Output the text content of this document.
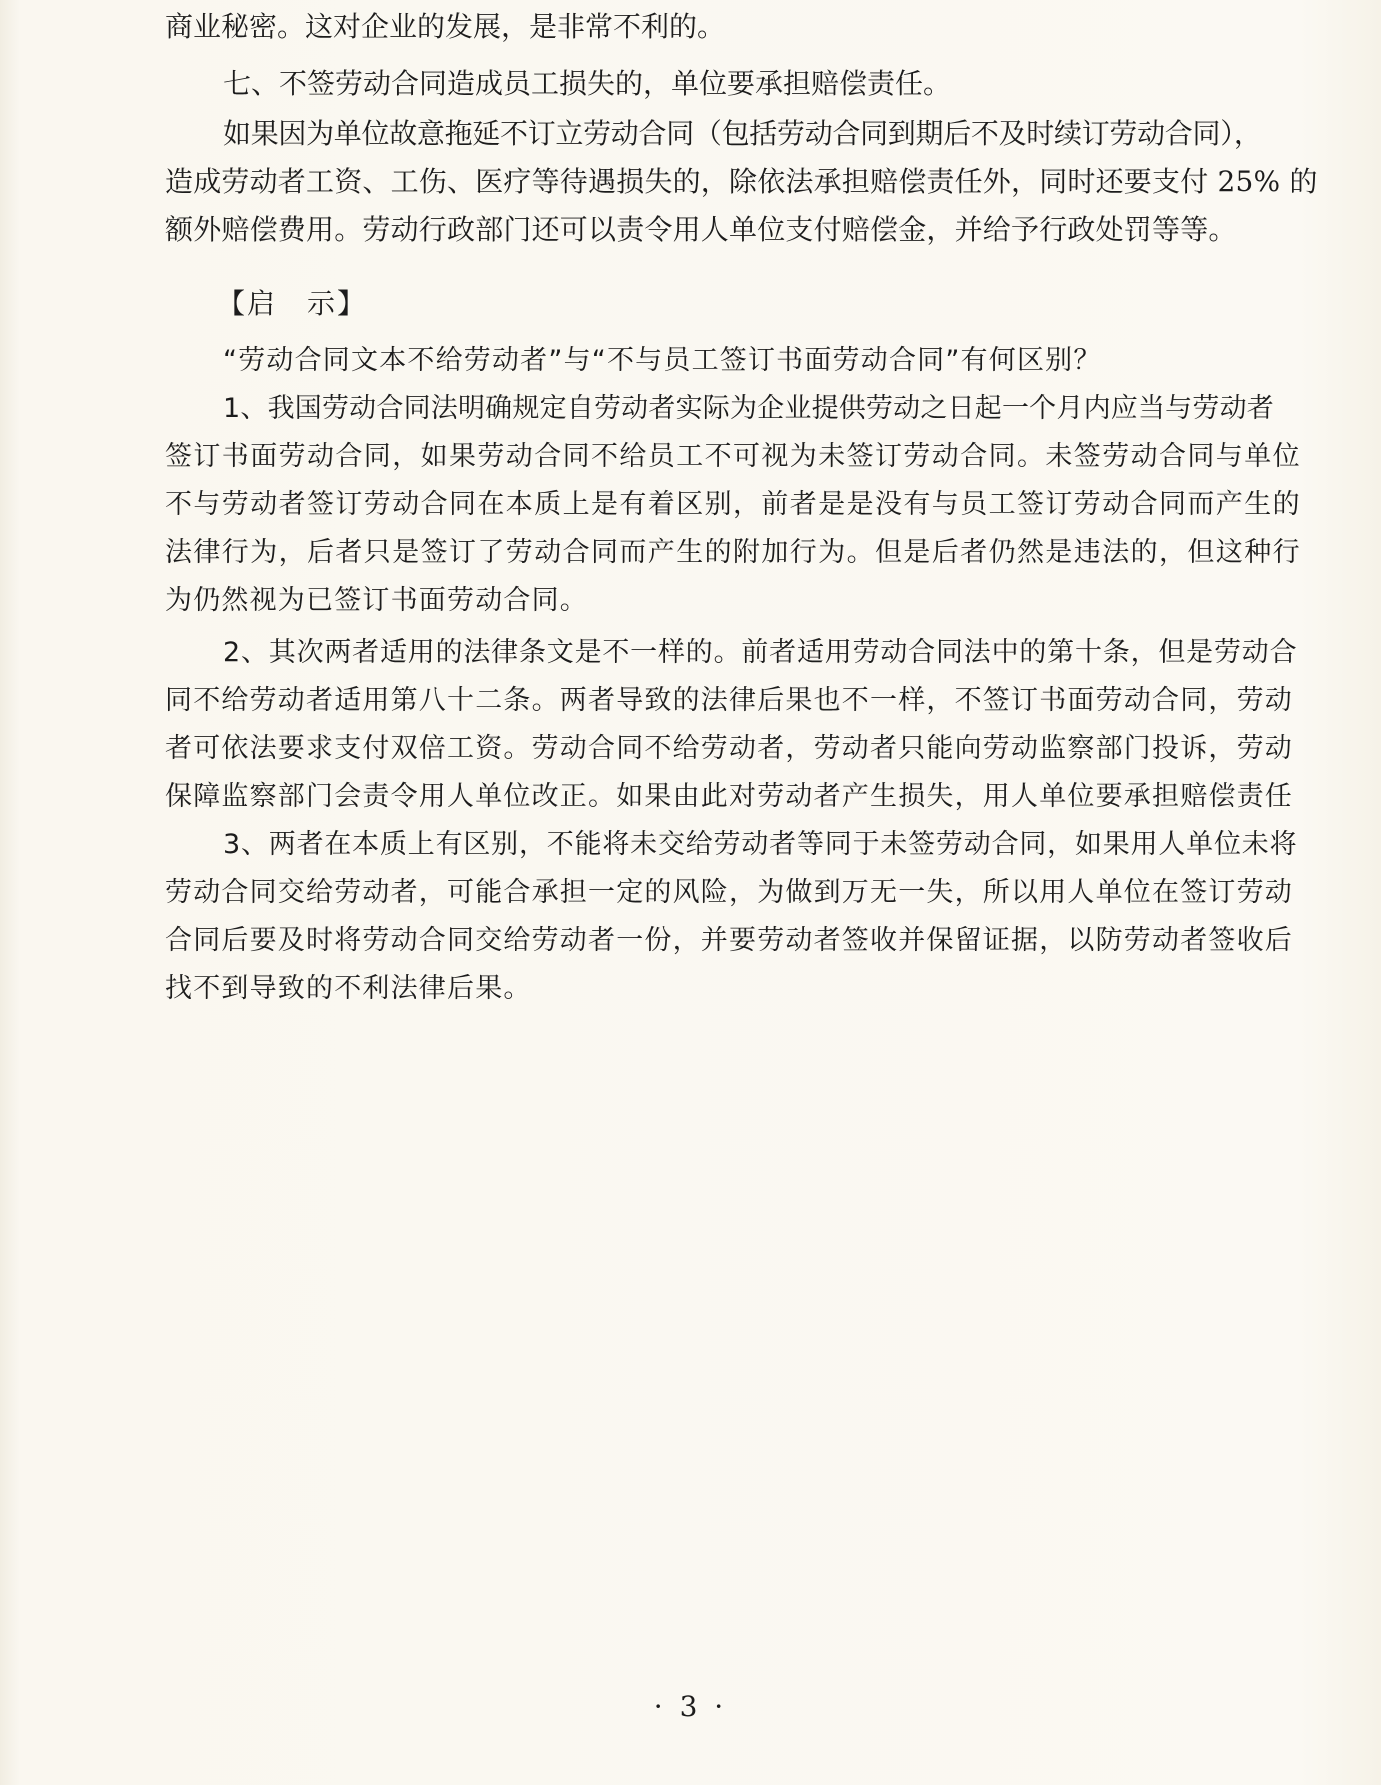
商业秘密。这对企业的发展，是非常不利的。
七、不签劳动合同造成员工损失的，单位要承担赔偿责任。
如果因为单位故意拖延不订立劳动合同（包括劳动合同到期后不及时续订劳动合同），
造成劳动者工资、工伤、医疗等待遇损失的，除依法承担赔偿责任外，同时还要支付 25% 的
额外赔偿费用。劳动行政部门还可以责令用人单位支付赔偿金，并给予行政处罚等等。
【启　示】
“劳动合同文本不给劳动者”与“不与员工签订书面劳动合同”有何区别？
1、我国劳动合同法明确规定自劳动者实际为企业提供劳动之日起一个月内应当与劳动者
签订书面劳动合同，如果劳动合同不给员工不可视为未签订劳动合同。未签劳动合同与单位
不与劳动者签订劳动合同在本质上是有着区别，前者是是没有与员工签订劳动合同而产生的
法律行为，后者只是签订了劳动合同而产生的附加行为。但是后者仍然是违法的，但这种行
为仍然视为已签订书面劳动合同。
2、其次两者适用的法律条文是不一样的。前者适用劳动合同法中的第十条，但是劳动合
同不给劳动者适用第八十二条。两者导致的法律后果也不一样，不签订书面劳动合同，劳动
者可依法要求支付双倍工资。劳动合同不给劳动者，劳动者只能向劳动监察部门投诉，劳动
保障监察部门会责令用人单位改正。如果由此对劳动者产生损失，用人单位要承担赔偿责任
3、两者在本质上有区别，不能将未交给劳动者等同于未签劳动合同，如果用人单位未将
劳动合同交给劳动者，可能合承担一定的风险，为做到万无一失，所以用人单位在签订劳动
合同后要及时将劳动合同交给劳动者一份，并要劳动者签收并保留证据，以防劳动者签收后
找不到导致的不利法律后果。
· 3 ·
